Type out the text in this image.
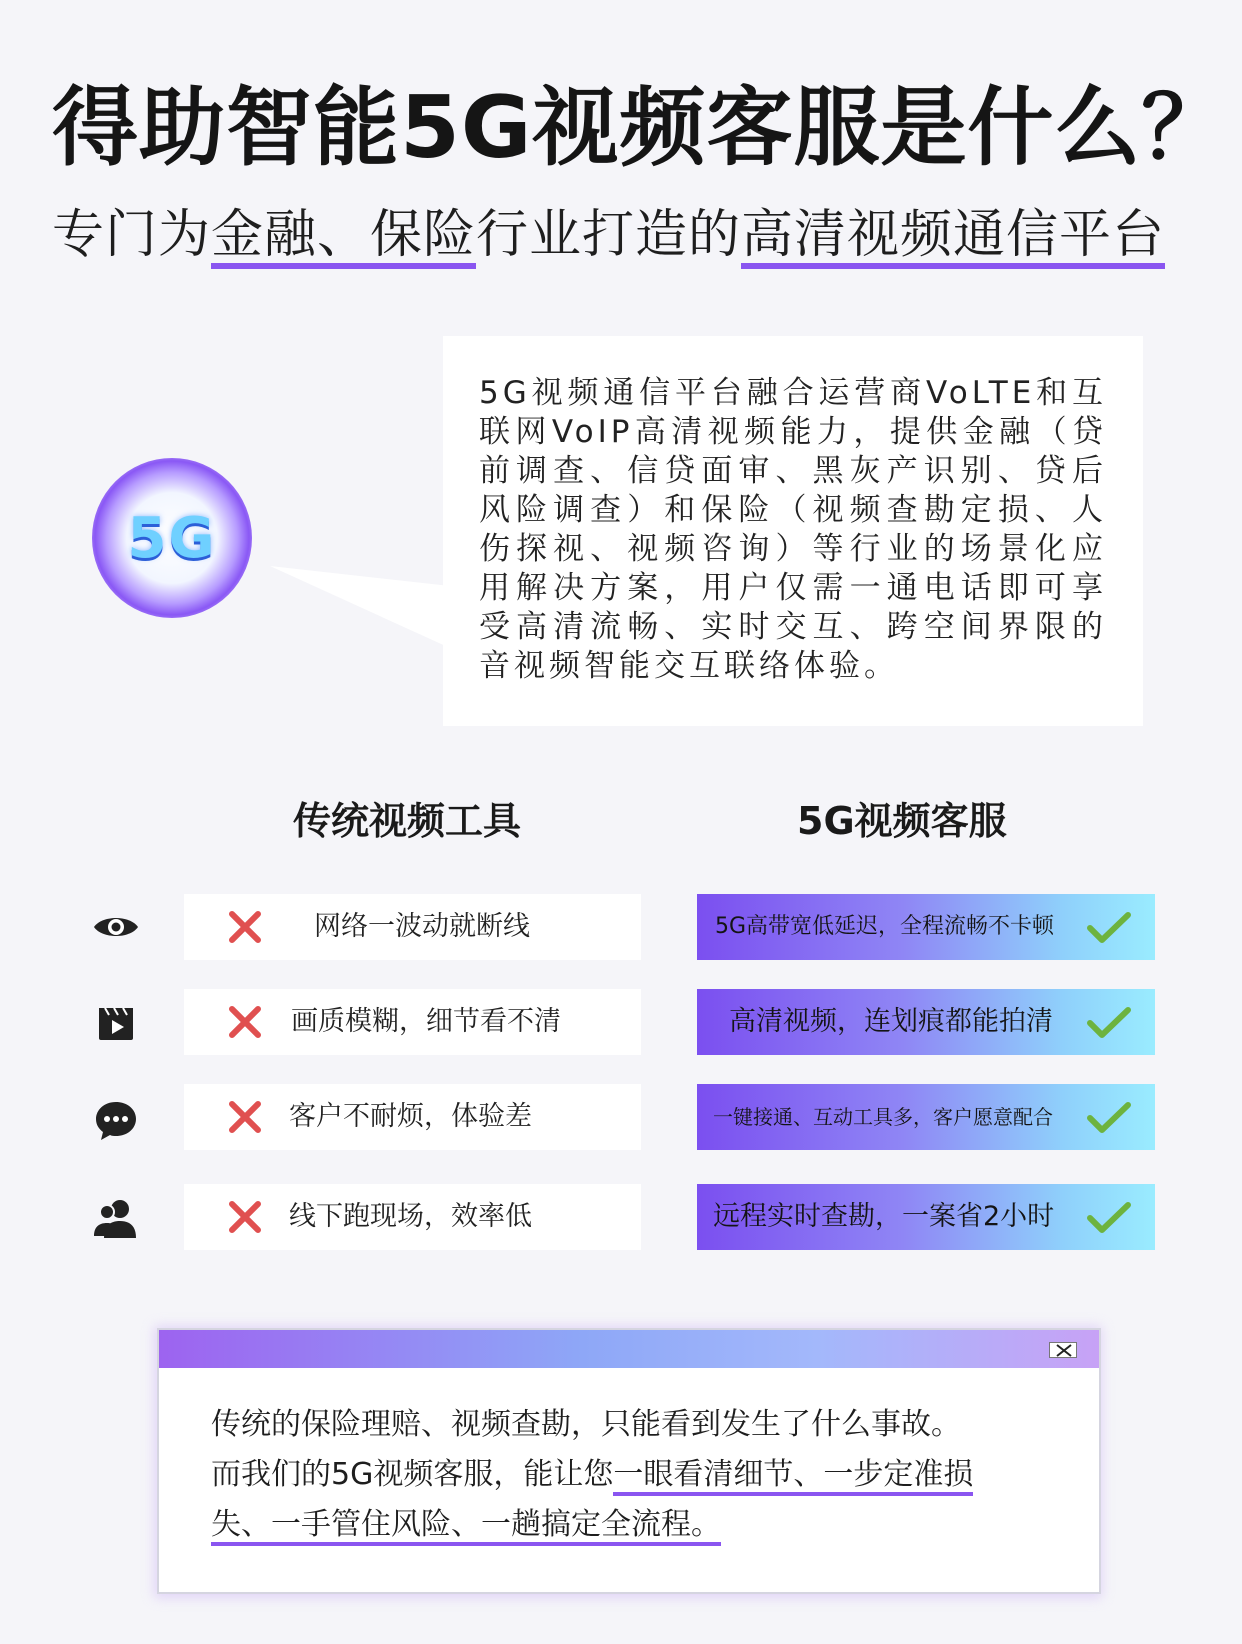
得助智能5G视频客服是什么？
专门为金融、保险行业打造的高清视频通信平台
5G

5G视频通信平台融合运营商VoLTE和互联网VoIP高清视频能力，提供金融（贷前调查、信贷面审、黑灰产识别、贷后风险调查）和保险（视频查勘定损、人伤探视、视频咨询）等行业的场景化应用解决方案，用户仅需一通电话即可享受高清流畅、实时交互、跨空间界限的音视频智能交互联络体验。

传统视频工具	5G视频客服
网络一波动就断线	5G高带宽低延迟，全程流畅不卡顿
画质模糊，细节看不清	高清视频，连划痕都能拍清
客户不耐烦，体验差	一键接通、互动工具多，客户愿意配合
线下跑现场，效率低	远程实时查勘，一案省2小时
传统的保险理赔、视频查勘，只能看到发生了什么事故。
而我们的5G视频客服，能让您一眼看清细节、一步定准损
失、一手管住风险、一趟搞定全流程。
